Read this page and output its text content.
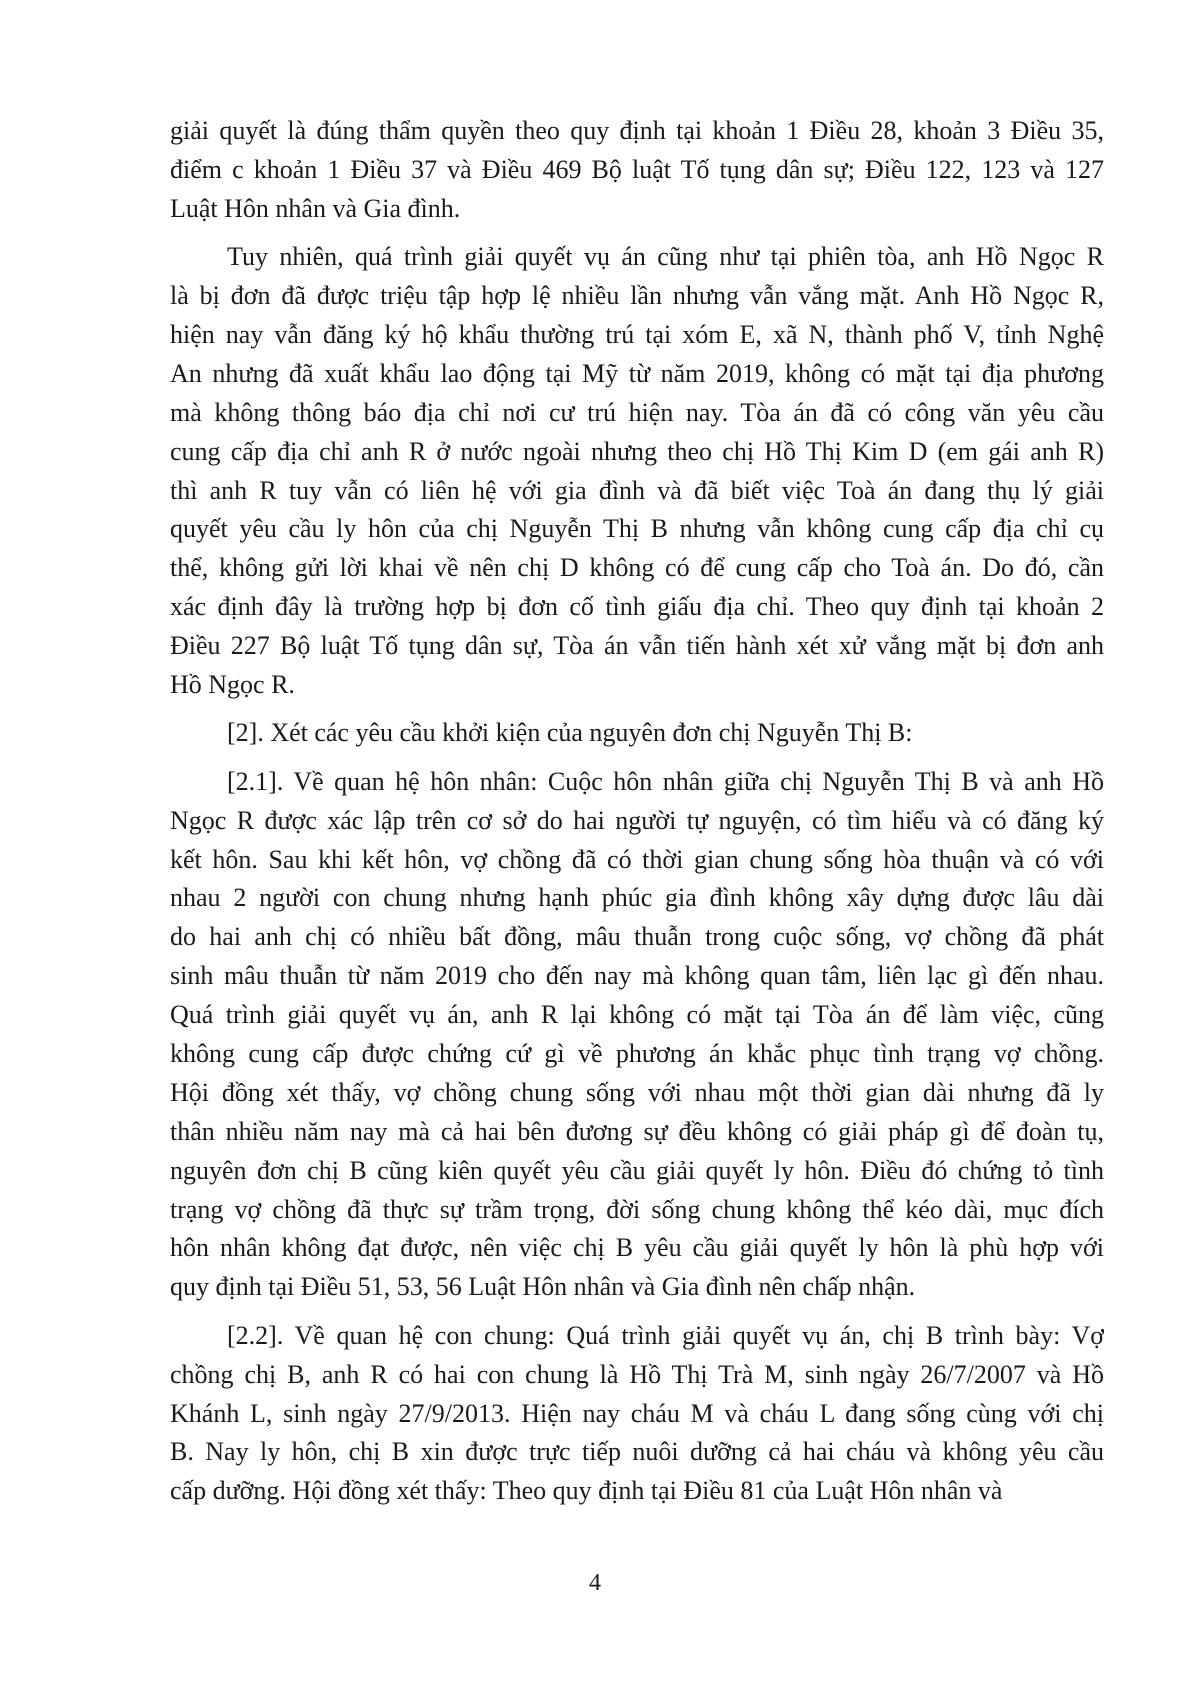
giải quyết là đúng thẩm quyền theo quy định tại khoản 1 Điều 28, khoản 3 Điều 35,
điểm c khoản 1 Điều 37 và Điều 469 Bộ luật Tố tụng dân sự; Điều 122, 123 và 127
Luật Hôn nhân và Gia đình.
Tuy nhiên, quá trình giải quyết vụ án cũng như tại phiên tòa, anh Hồ Ngọc R
là bị đơn đã được triệu tập hợp lệ nhiều lần nhưng vẫn vắng mặt. Anh Hồ Ngọc R,
hiện nay vẫn đăng ký hộ khẩu thường trú tại xóm E, xã N, thành phố V, tỉnh Nghệ
An nhưng đã xuất khẩu lao động tại Mỹ từ năm 2019, không có mặt tại địa phương
mà không thông báo địa chỉ nơi cư trú hiện nay. Tòa án đã có công văn yêu cầu
cung cấp địa chỉ anh R ở nước ngoài nhưng theo chị Hồ Thị Kim D (em gái anh R)
thì anh R tuy vẫn có liên hệ với gia đình và đã biết việc Toà án đang thụ lý giải
quyết yêu cầu ly hôn của chị Nguyễn Thị B nhưng vẫn không cung cấp địa chỉ cụ
thể, không gửi lời khai về nên chị D không có để cung cấp cho Toà án. Do đó, cần
xác định đây là trường hợp bị đơn cố tình giấu địa chỉ. Theo quy định tại khoản 2
Điều 227 Bộ luật Tố tụng dân sự, Tòa án vẫn tiến hành xét xử vắng mặt bị đơn anh
Hồ Ngọc R.
[2]. Xét các yêu cầu khởi kiện của nguyên đơn chị Nguyễn Thị B:
[2.1]. Về quan hệ hôn nhân: Cuộc hôn nhân giữa chị Nguyễn Thị B và anh Hồ
Ngọc R được xác lập trên cơ sở do hai người tự nguyện, có tìm hiểu và có đăng ký
kết hôn. Sau khi kết hôn, vợ chồng đã có thời gian chung sống hòa thuận và có với
nhau 2 người con chung nhưng hạnh phúc gia đình không xây dựng được lâu dài
do hai anh chị có nhiều bất đồng, mâu thuẫn trong cuộc sống, vợ chồng đã phát
sinh mâu thuẫn từ năm 2019 cho đến nay mà không quan tâm, liên lạc gì đến nhau.
Quá trình giải quyết vụ án, anh R lại không có mặt tại Tòa án để làm việc, cũng
không cung cấp được chứng cứ gì về phương án khắc phục tình trạng vợ chồng.
Hội đồng xét thấy, vợ chồng chung sống với nhau một thời gian dài nhưng đã ly
thân nhiều năm nay mà cả hai bên đương sự đều không có giải pháp gì để đoàn tụ,
nguyên đơn chị B cũng kiên quyết yêu cầu giải quyết ly hôn. Điều đó chứng tỏ tình
trạng vợ chồng đã thực sự trầm trọng, đời sống chung không thể kéo dài, mục đích
hôn nhân không đạt được, nên việc chị B yêu cầu giải quyết ly hôn là phù hợp với
quy định tại Điều 51, 53, 56 Luật Hôn nhân và Gia đình nên chấp nhận.
[2.2]. Về quan hệ con chung: Quá trình giải quyết vụ án, chị B trình bày: Vợ
chồng chị B, anh R có hai con chung là Hồ Thị Trà M, sinh ngày 26/7/2007 và Hồ
Khánh L, sinh ngày 27/9/2013. Hiện nay cháu M và cháu L đang sống cùng với chị
B. Nay ly hôn, chị B xin được trực tiếp nuôi dưỡng cả hai cháu và không yêu cầu
cấp dưỡng. Hội đồng xét thấy: Theo quy định tại Điều 81 của Luật Hôn nhân và
4
